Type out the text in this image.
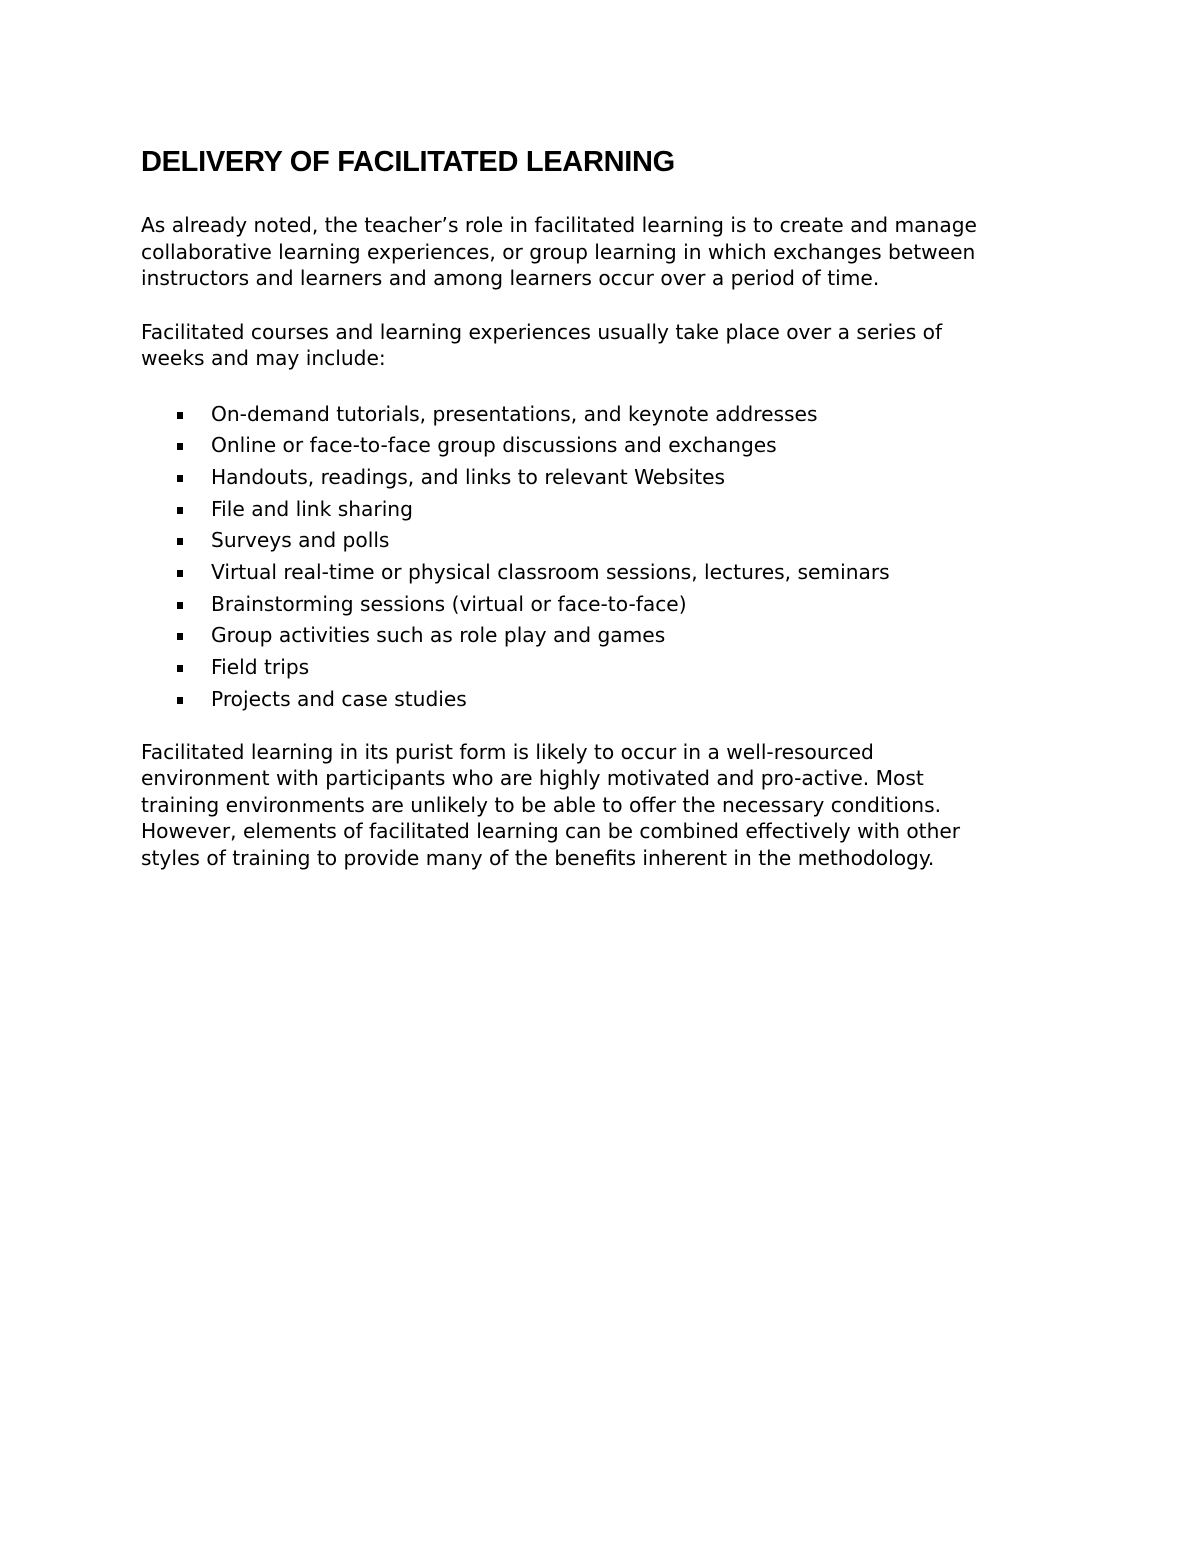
DELIVERY OF FACILITATED LEARNING

As already noted, the teacher’s role in facilitated learning is to create and manage
collaborative learning experiences, or group learning in which exchanges between
instructors and learners and among learners occur over a period of time.

Facilitated courses and learning experiences usually take place over a series of
weeks and may include:

On-demand tutorials, presentations, and keynote addresses
Online or face-to-face group discussions and exchanges
Handouts, readings, and links to relevant Websites
File and link sharing
Surveys and polls
Virtual real-time or physical classroom sessions, lectures, seminars
Brainstorming sessions (virtual or face-to-face)
Group activities such as role play and games
Field trips
Projects and case studies

Facilitated learning in its purist form is likely to occur in a well-resourced
environment with participants who are highly motivated and pro-active. Most
training environments are unlikely to be able to offer the necessary conditions.
However, elements of facilitated learning can be combined effectively with other
styles of training to provide many of the benefits inherent in the methodology.
